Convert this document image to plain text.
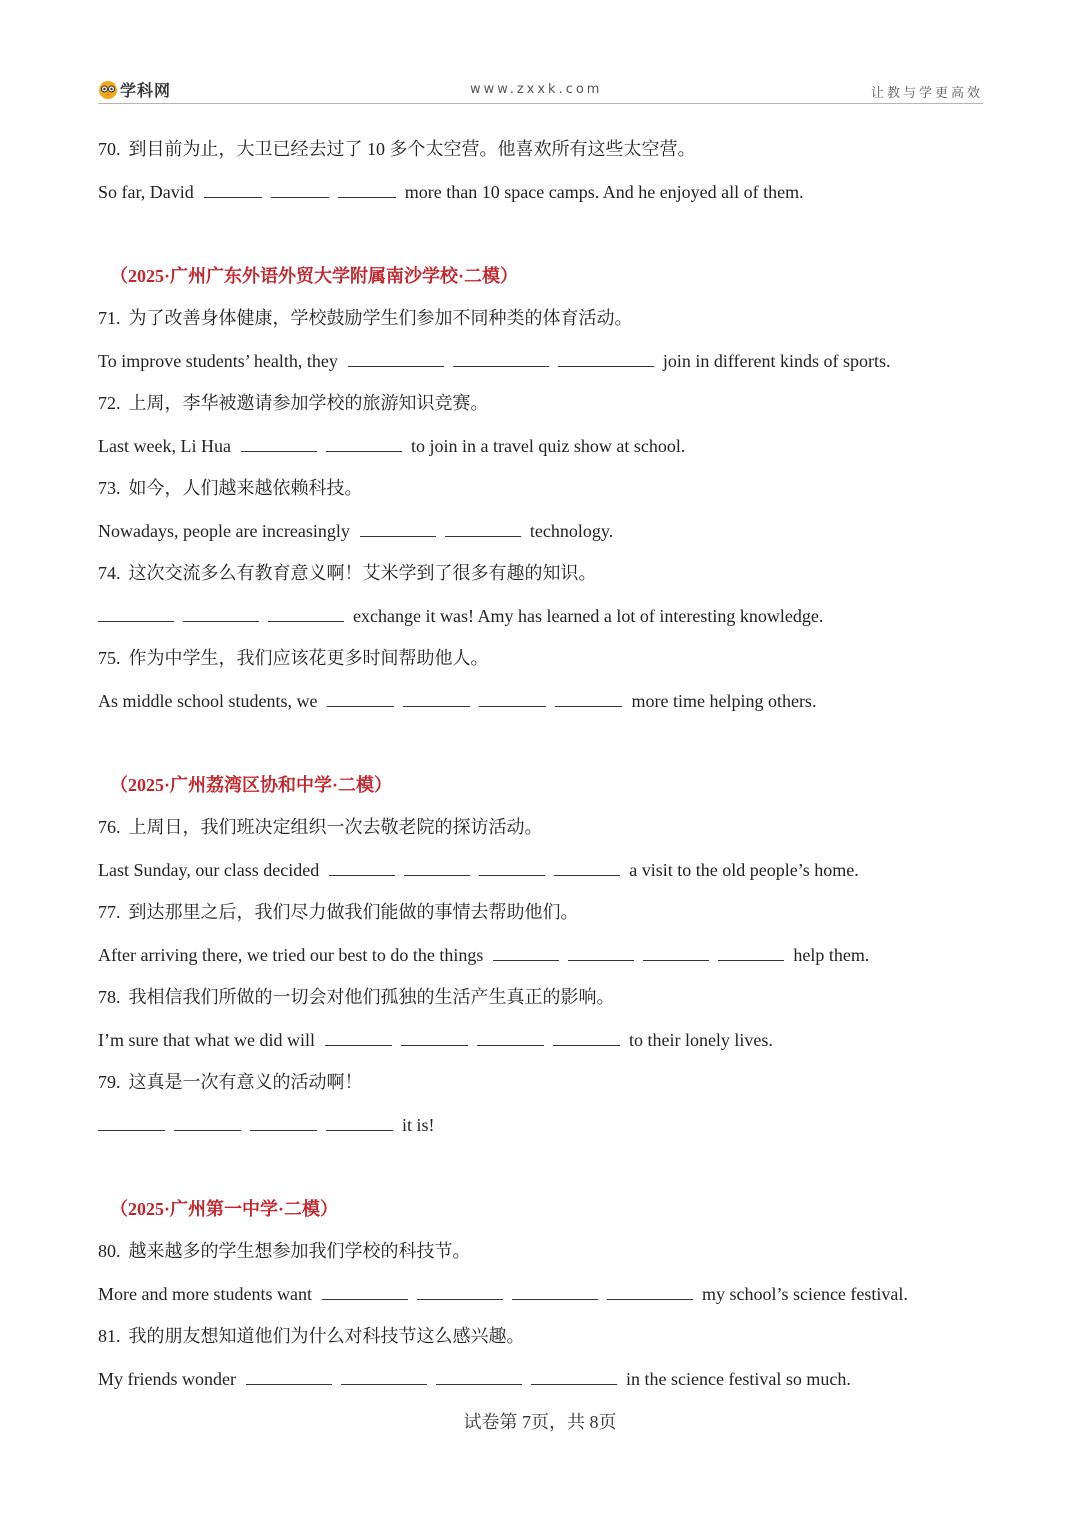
学科网	www.zxxk.com	让教与学更高效
70. 到目前为止，大卫已经去过了 10 多个太空营。他喜欢所有这些太空营。
So far, David	more than 10 space camps. And he enjoyed all of them.
（2025·广州广东外语外贸大学附属南沙学校·二模）
71. 为了改善身体健康，学校鼓励学生们参加不同种类的体育活动。
To improve students’ health, they	join in different kinds of sports.
72. 上周，李华被邀请参加学校的旅游知识竞赛。
Last week, Li Hua	to join in a travel quiz show at school.
73. 如今，人们越来越依赖科技。
Nowadays, people are increasingly	technology.
74. 这次交流多么有教育意义啊！艾米学到了很多有趣的知识。
exchange it was! Amy has learned a lot of interesting knowledge.
75. 作为中学生，我们应该花更多时间帮助他人。
As middle school students, we	more time helping others.
（2025·广州荔湾区协和中学·二模）
76. 上周日，我们班决定组织一次去敬老院的探访活动。
Last Sunday, our class decided	a visit to the old people’s home.
77. 到达那里之后，我们尽力做我们能做的事情去帮助他们。
After arriving there, we tried our best to do the things	help them.
78. 我相信我们所做的一切会对他们孤独的生活产生真正的影响。
I’m sure that what we did will	to their lonely lives.
79. 这真是一次有意义的活动啊！
it is!
（2025·广州第一中学·二模）
80. 越来越多的学生想参加我们学校的科技节。
More and more students want	my school’s science festival.
81. 我的朋友想知道他们为什么对科技节这么感兴趣。
My friends wonder	in the science festival so much.
试卷第 7页，共 8页
